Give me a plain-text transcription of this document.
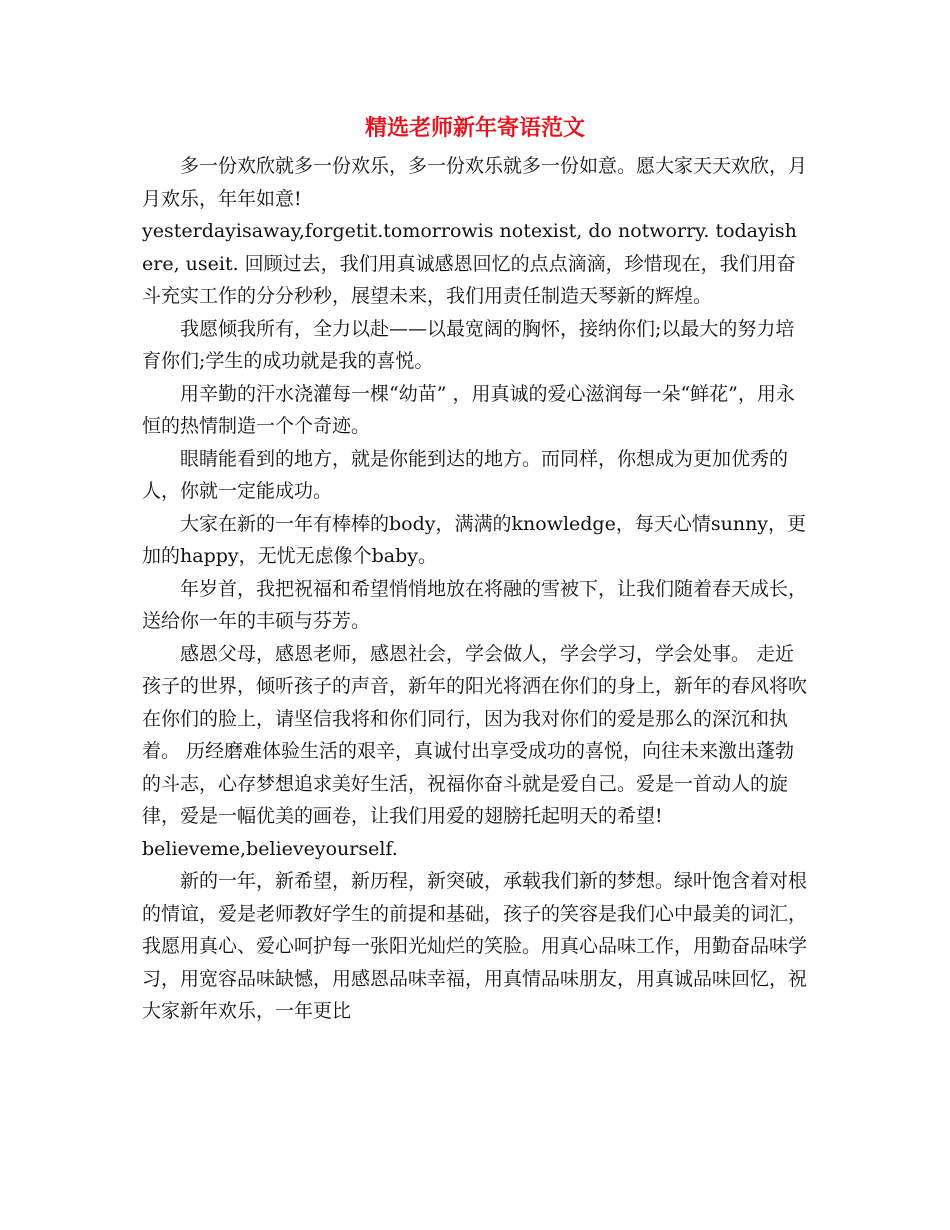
精选老师新年寄语范文

多一份欢欣就多一份欢乐，多一份欢乐就多一份如意。愿大家天天欢欣，月月欢乐，年年如意!

yesterdayisaway,forgetit.tomorrowis notexist, do notworry. todayishere, useit. 回顾过去，我们用真诚感恩回忆的点点滴滴，珍惜现在，我们用奋斗充实工作的分分秒秒，展望未来，我们用责任制造天琴新的辉煌。

我愿倾我所有，全力以赴——以最宽阔的胸怀，接纳你们;以最大的努力培育你们;学生的成功就是我的喜悦。

用辛勤的汗水浇灌每一棵“幼苗” ，用真诚的爱心滋润每一朵“鲜花”，用永恒的热情制造一个个奇迹。

眼睛能看到的地方，就是你能到达的地方。而同样，你想成为更加优秀的人，你就一定能成功。

大家在新的一年有棒棒的body，满满的knowledge，每天心情sunny，更加的happy，无忧无虑像个baby。

年岁首，我把祝福和希望悄悄地放在将融的雪被下，让我们随着春天成长，送给你一年的丰硕与芬芳。

感恩父母，感恩老师，感恩社会，学会做人，学会学习，学会处事。 走近孩子的世界，倾听孩子的声音，新年的阳光将洒在你们的身上，新年的春风将吹在你们的脸上，请坚信我将和你们同行，因为我对你们的爱是那么的深沉和执着。 历经磨难体验生活的艰辛，真诚付出享受成功的喜悦，向往未来激出蓬勃的斗志，心存梦想追求美好生活，祝福你奋斗就是爱自己。爱是一首动人的旋律，爱是一幅优美的画卷，让我们用爱的翅膀托起明天的希望!

believeme,believeyourself.

新的一年，新希望，新历程，新突破，承载我们新的梦想。绿叶饱含着对根的情谊，爱是老师教好学生的前提和基础，孩子的笑容是我们心中最美的词汇，我愿用真心、爱心呵护每一张阳光灿烂的笑脸。用真心品味工作，用勤奋品味学习，用宽容品味缺憾，用感恩品味幸福，用真情品味朋友，用真诚品味回忆，祝大家新年欢乐，一年更比
